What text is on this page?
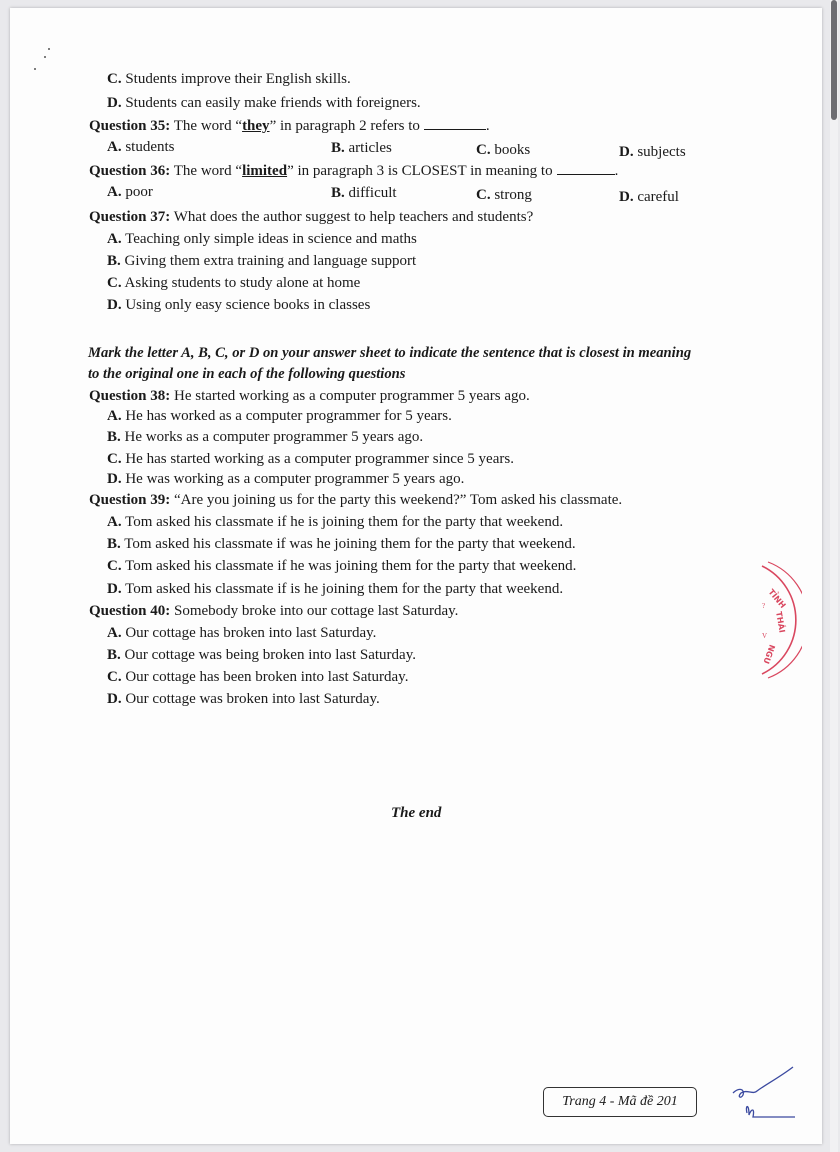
C. Students improve their English skills.
D. Students can easily make friends with foreigners.
Question 35: The word “they” in paragraph 2 refers to	.
A. students	B. articles	C. books	D. subjects
Question 36: The word “limited” in paragraph 3 is CLOSEST in meaning to	.
A. poor	B. difficult	C. strong	D. careful
Question 37: What does the author suggest to help teachers and students?
A. Teaching only simple ideas in science and maths
B. Giving them extra training and language support
C. Asking students to study alone at home
D. Using only easy science books in classes
Mark the letter A, B, C, or D on your answer sheet to indicate the sentence that is closest in meaning
to the original one in each of the following questions
Question 38: He started working as a computer programmer 5 years ago.
A. He has worked as a computer programmer for 5 years.
B. He works as a computer programmer 5 years ago.
C. He has started working as a computer programmer since 5 years.
D. He was working as a computer programmer 5 years ago.
Question 39: “Are you joining us for the party this weekend?” Tom asked his classmate.
A. Tom asked his classmate if he is joining them for the party that weekend.
B. Tom asked his classmate if was he joining them for the party that weekend.
C. Tom asked his classmate if he was joining them for the party that weekend.
D. Tom asked his classmate if is he joining them for the party that weekend.
Question 40: Somebody broke into our cottage last Saturday.
A. Our cottage has broken into last Saturday.
B. Our cottage was being broken into last Saturday.
C. Our cottage has been broken into last Saturday.
D. Our cottage was broken into last Saturday.
TỈNH
THÁI
NGU
?
V
The end
Trang 4 - Mã đề 201
